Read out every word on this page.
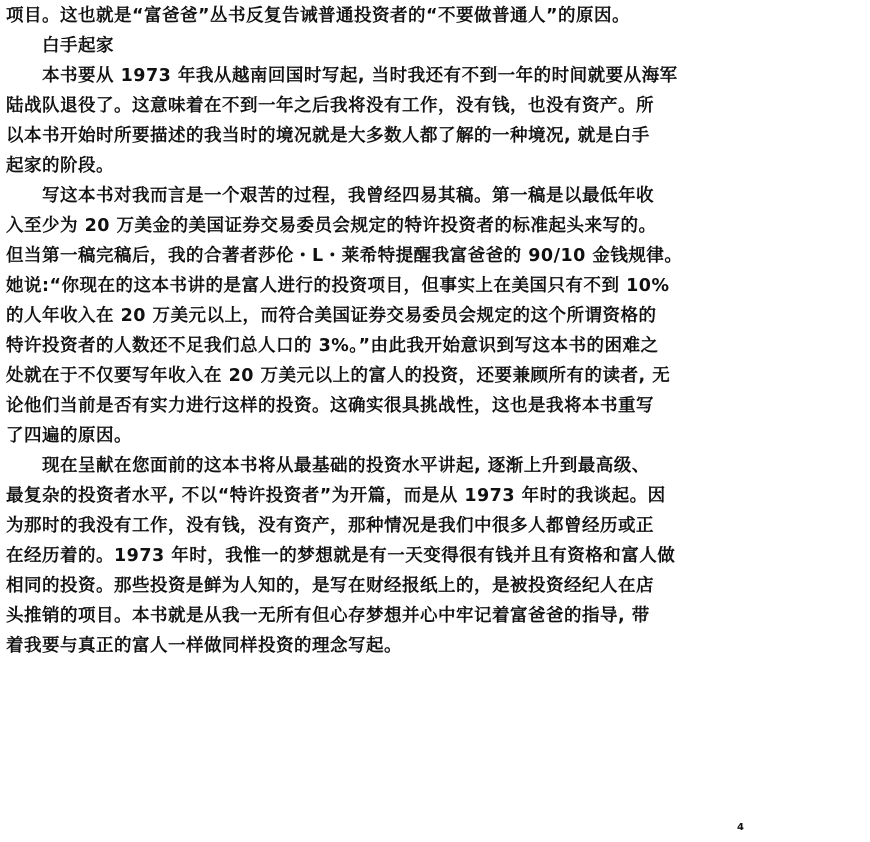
项目。这也就是“富爸爸”丛书反复告诫普通投资者的“不要做普通人”的原因。
　　白手起家
　　本书要从 1973 年我从越南回国时写起, 当时我还有不到一年的时间就要从海军
陆战队退役了。这意味着在不到一年之后我将没有工作，没有钱，也没有资产。所
以本书开始时所要描述的我当时的境况就是大多数人都了解的一种境况, 就是白手
起家的阶段。
　　写这本书对我而言是一个艰苦的过程，我曾经四易其稿。第一稿是以最低年收
入至少为 20 万美金的美国证券交易委员会规定的特许投资者的标准起头来写的。
但当第一稿完稿后，我的合著者莎伦・L・莱希特提醒我富爸爸的 90/10 金钱规律。
她说:“你现在的这本书讲的是富人进行的投资项目，但事实上在美国只有不到 10%
的人年收入在 20 万美元以上，而符合美国证券交易委员会规定的这个所谓资格的
特许投资者的人数还不足我们总人口的 3%。”由此我开始意识到写这本书的困难之
处就在于不仅要写年收入在 20 万美元以上的富人的投资，还要兼顾所有的读者, 无
论他们当前是否有实力进行这样的投资。这确实很具挑战性，这也是我将本书重写
了四遍的原因。
　　现在呈献在您面前的这本书将从最基础的投资水平讲起, 逐渐上升到最高级、
最复杂的投资者水平, 不以“特许投资者”为开篇，而是从 1973 年时的我谈起。因
为那时的我没有工作，没有钱，没有资产，那种情况是我们中很多人都曾经历或正
在经历着的。1973 年时，我惟一的梦想就是有一天变得很有钱并且有资格和富人做
相同的投资。那些投资是鲜为人知的，是写在财经报纸上的，是被投资经纪人在店
头推销的项目。本书就是从我一无所有但心存梦想并心中牢记着富爸爸的指导, 带
着我要与真正的富人一样做同样投资的理念写起。
4
